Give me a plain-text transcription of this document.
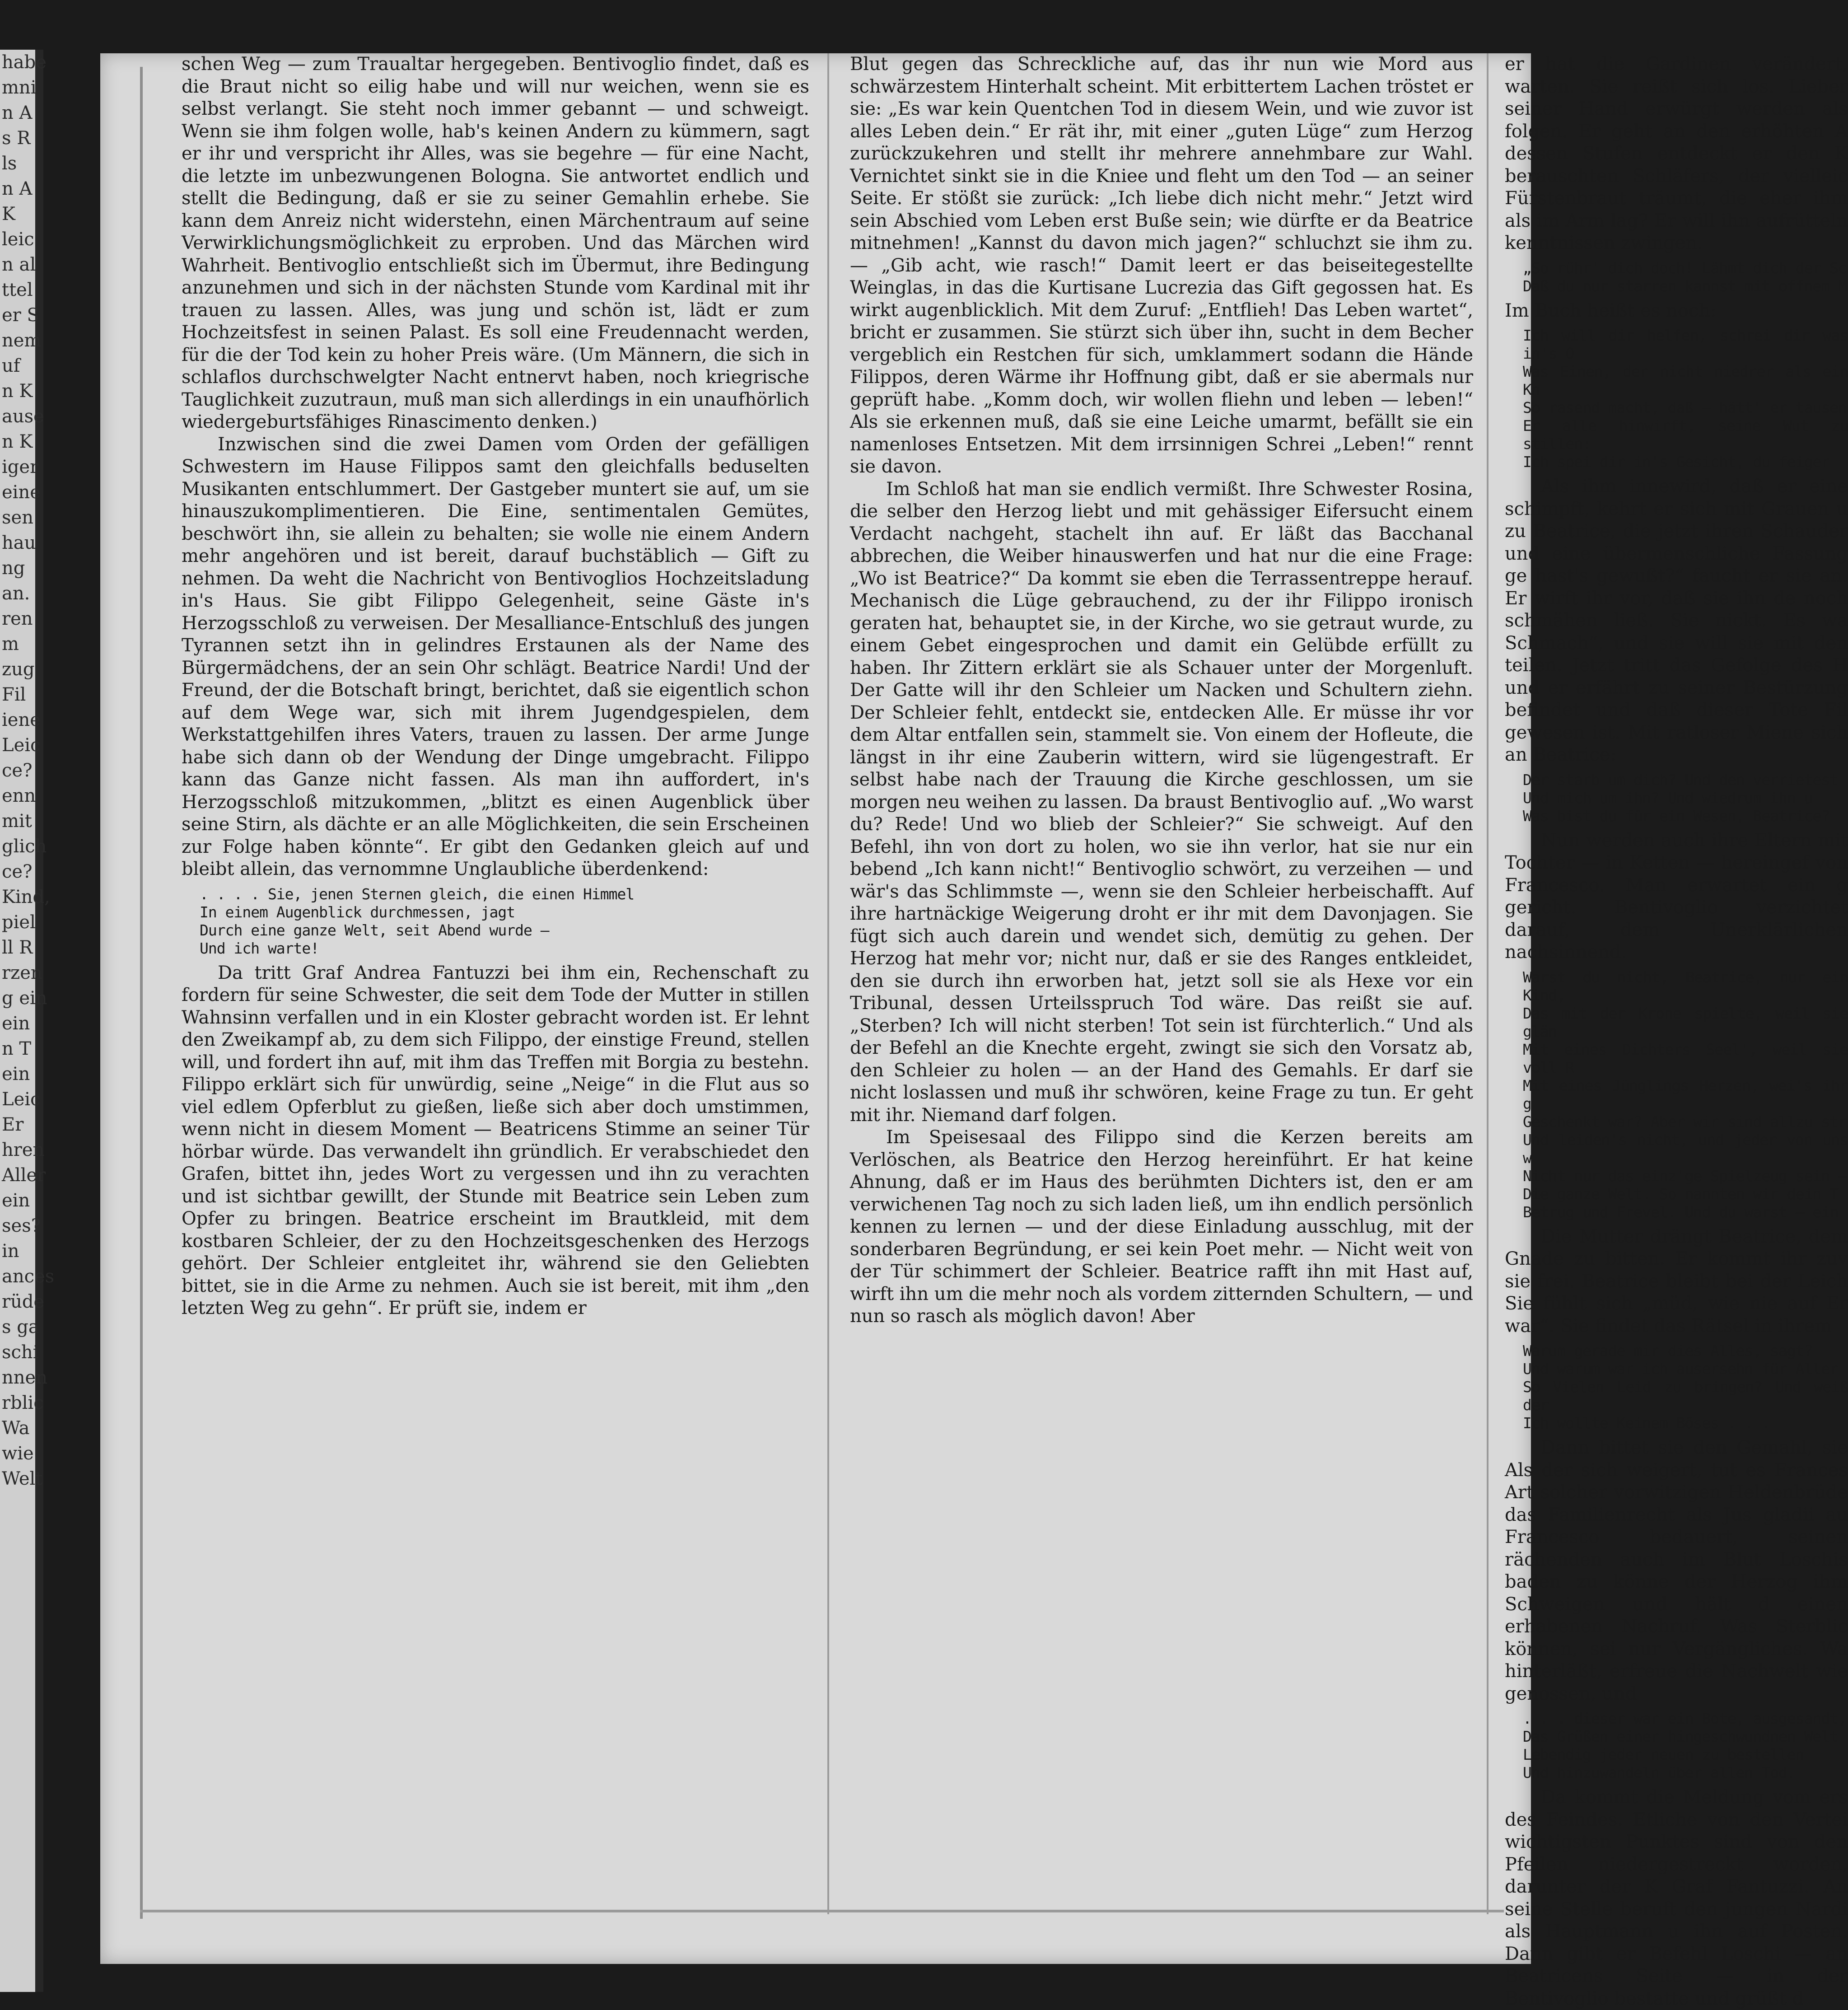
habe
mni
n A
s R
ls
n A
K
leic
n al
ttel
er S
nem
uf
n K
ause
n K
iger
eine
sen
hau
ng
an.
ren
m
zug
Fil
iene
Leic
ce?
enn
mit
glich
ce?
Kind,
piel
ll R
rzen
g ein
ein
n T
ein
Leic
Er
hren
Aller
ein
ses?
in
ances
rüde
s ga
schi
nnen
rblic
Wa
wie
Welt

schen Weg — zum Traualtar hergegeben. Bentivoglio findet, daß es die Braut nicht so eilig habe und will nur weichen, wenn sie es selbst verlangt. Sie steht noch immer gebannt — und schweigt. Wenn sie ihm folgen wolle, hab's keinen Andern zu kümmern, sagt er ihr und verspricht ihr Alles, was sie begehre — für eine Nacht, die letzte im unbezwungenen Bologna. Sie antwortet endlich und stellt die Bedingung, daß er sie zu seiner Gemahlin erhebe. Sie kann dem Anreiz nicht widerstehn, einen Märchentraum auf seine Verwirklichungsmöglichkeit zu erproben. Und das Märchen wird Wahrheit. Bentivoglio entschließt sich im Übermut, ihre Bedingung anzunehmen und sich in der nächsten Stunde vom Kardinal mit ihr trauen zu lassen. Alles, was jung und schön ist, lädt er zum Hochzeitsfest in seinen Palast. Es soll eine Freudennacht werden, für die der Tod kein zu hoher Preis wäre. (Um Männern, die sich in schlaflos durchschwelgter Nacht entnervt haben, noch kriegrische Tauglichkeit zuzutraun, muß man sich allerdings in ein unaufhörlich wiedergeburtsfähiges Rinascimento denken.)

Inzwischen sind die zwei Damen vom Orden der gefälligen Schwestern im Hause Filippos samt den gleichfalls beduselten Musikanten entschlummert. Der Gastgeber muntert sie auf, um sie hinauszukomplimentieren. Die Eine, sentimentalen Gemütes, beschwört ihn, sie allein zu behalten; sie wolle nie einem Andern mehr angehören und ist bereit, darauf buchstäblich — Gift zu nehmen. Da weht die Nachricht von Bentivoglios Hochzeitsladung in's Haus. Sie gibt Filippo Gelegenheit, seine Gäste in's Herzogsschloß zu verweisen. Der Mesalliance-Entschluß des jungen Tyrannen setzt ihn in gelindres Erstaunen als der Name des Bürgermädchens, der an sein Ohr schlägt. Beatrice Nardi! Und der Freund, der die Botschaft bringt, berichtet, daß sie eigentlich schon auf dem Wege war, sich mit ihrem Jugendgespielen, dem Werkstattgehilfen ihres Vaters, trauen zu lassen. Der arme Junge habe sich dann ob der Wendung der Dinge umgebracht. Filippo kann das Ganze nicht fassen. Als man ihn auffordert, in's Herzogsschloß mitzukommen, „blitzt es einen Augenblick über seine Stirn, als dächte er an alle Möglichkeiten, die sein Erscheinen zur Folge haben könnte“. Er gibt den Gedanken gleich auf und bleibt allein, das vernommne Unglaubliche überdenkend:

. . . . Sie, jenen Sternen gleich, die einen Himmel
In einem Augenblick durchmessen, jagt
Durch eine ganze Welt, seit Abend wurde —
Und ich warte!

Da tritt Graf Andrea Fantuzzi bei ihm ein, Rechenschaft zu fordern für seine Schwester, die seit dem Tode der Mutter in stillen Wahnsinn verfallen und in ein Kloster gebracht worden ist. Er lehnt den Zweikampf ab, zu dem sich Filippo, der einstige Freund, stellen will, und fordert ihn auf, mit ihm das Treffen mit Borgia zu bestehn. Filippo erklärt sich für unwürdig, seine „Neige“ in die Flut aus so viel edlem Opferblut zu gießen, ließe sich aber doch umstimmen, wenn nicht in diesem Moment — Beatricens Stimme an seiner Tür hörbar würde. Das verwandelt ihn gründlich. Er verabschiedet den Grafen, bittet ihn, jedes Wort zu vergessen und ihn zu verachten und ist sichtbar gewillt, der Stunde mit Beatrice sein Leben zum Opfer zu bringen. Beatrice erscheint im Brautkleid, mit dem kostbaren Schleier, der zu den Hochzeitsgeschenken des Herzogs gehört. Der Schleier entgleitet ihr, während sie den Geliebten bittet, sie in die Arme zu nehmen. Auch sie ist bereit, mit ihm „den letzten Weg zu gehn“. Er prüft sie, indem er

Blut gegen das Schreckliche auf, das ihr nun wie Mord aus schwärzestem Hinterhalt scheint. Mit erbittertem Lachen tröstet er sie: „Es war kein Quentchen Tod in diesem Wein, und wie zuvor ist alles Leben dein.“ Er rät ihr, mit einer „guten Lüge“ zum Herzog zurückzukehren und stellt ihr mehrere annehmbare zur Wahl. Vernichtet sinkt sie in die Kniee und fleht um den Tod — an seiner Seite. Er stößt sie zurück: „Ich liebe dich nicht mehr.“ Jetzt wird sein Abschied vom Leben erst Buße sein; wie dürfte er da Beatrice mitnehmen! „Kannst du davon mich jagen?“ schluchzt sie ihm zu. — „Gib acht, wie rasch!“ Damit leert er das beiseitegestellte Weinglas, in das die Kurtisane Lucrezia das Gift gegossen hat. Es wirkt augenblicklich. Mit dem Zuruf: „Entflieh! Das Leben wartet“, bricht er zusammen. Sie stürzt sich über ihn, sucht in dem Becher vergeblich ein Restchen für sich, umklammert sodann die Hände Filippos, deren Wärme ihr Hoffnung gibt, daß er sie abermals nur geprüft habe. „Komm doch, wir wollen fliehn und leben — leben!“ Als sie erkennen muß, daß sie eine Leiche umarmt, befällt sie ein namenloses Entsetzen. Mit dem irrsinnigen Schrei „Leben!“ rennt sie davon.

Im Schloß hat man sie endlich vermißt. Ihre Schwester Rosina, die selber den Herzog liebt und mit gehässiger Eifersucht einem Verdacht nachgeht, stachelt ihn auf. Er läßt das Bacchanal abbrechen, die Weiber hinauswerfen und hat nur die eine Frage: „Wo ist Beatrice?“ Da kommt sie eben die Terrassentreppe herauf. Mechanisch die Lüge gebrauchend, zu der ihr Filippo ironisch geraten hat, behauptet sie, in der Kirche, wo sie getraut wurde, zu einem Gebet eingesprochen und damit ein Gelübde erfüllt zu haben. Ihr Zittern erklärt sie als Schauer unter der Morgenluft. Der Gatte will ihr den Schleier um Nacken und Schultern ziehn. Der Schleier fehlt, entdeckt sie, entdecken Alle. Er müsse ihr vor dem Altar entfallen sein, stammelt sie. Von einem der Hofleute, die längst in ihr eine Zauberin wittern, wird sie lügengestraft. Er selbst habe nach der Trauung die Kirche geschlossen, um sie morgen neu weihen zu lassen. Da braust Bentivoglio auf. „Wo warst du? Rede! Und wo blieb der Schleier?“ Sie schweigt. Auf den Befehl, ihn von dort zu holen, wo sie ihn verlor, hat sie nur ein bebend „Ich kann nicht!“ Bentivoglio schwört, zu verzeihen — und wär's das Schlimmste —, wenn sie den Schleier herbeischafft. Auf ihre hartnäckige Weigerung droht er ihr mit dem Davonjagen. Sie fügt sich auch darein und wendet sich, demütig zu gehen. Der Herzog hat mehr vor; nicht nur, daß er sie des Ranges entkleidet, den sie durch ihn erworben hat, jetzt soll sie als Hexe vor ein Tribunal, dessen Urteilsspruch Tod wäre. Das reißt sie auf. „Sterben? Ich will nicht sterben! Tot sein ist fürchterlich.“ Und als der Befehl an die Knechte ergeht, zwingt sie sich den Vorsatz ab, den Schleier zu holen — an der Hand des Gemahls. Er darf sie nicht loslassen und muß ihr schwören, keine Frage zu tun. Er geht mit ihr. Niemand darf folgen.

Im Speisesaal des Filippo sind die Kerzen bereits am Verlöschen, als Beatrice den Herzog hereinführt. Er hat keine Ahnung, daß er im Haus des berühmten Dichters ist, den er am verwichenen Tag noch zu sich laden ließ, um ihn endlich persönlich kennen zu lernen — und der diese Einladung ausschlug, mit der sonderbaren Begründung, er sei kein Poet mehr. — Nicht weit von der Tür schimmert der Schleier. Beatrice rafft ihn mit Hast auf, wirft ihn um die mehr noch als vordem zitternden Schultern, — und nun so rasch als möglich davon! Aber

er hat die Gardinen verändert, warten. Sie reißt sich los. Lieber seiner Hand erwürgt werden als folgen. Er geht an den erhöhten A dessen Stufen entdeckt er den K berauschten Schläfers, der vielleic Fürstenbraut träumt, die eher ihm als im Arm lag? Er will ihn aufrütteln kenntnissen zwingen.

„So rühr' dich doch! Lähmt dich der Sc
Daß du nur starren kannst mit offnem M

Im Buch heißt es noch:

Ich will dir helfen, schrei dir was in's O
Was Einen, der nicht niedrer als ein Kn
So rasend macht, daß — hätt' er tausen
Er alle hinwirft, seine Wut zu stillen:
Ich spei dir in's Gesicht, du feiger

Als ihm innewird, daß er eine schimpft, kehrt er sich mit Grauen u zu Beatrice, die jetzt ihren Schauder und eine übermenschliche Fassung ge hast's gewußt?“ faucht er sie an. Er wirft ihr vor, daß sie ihn de noch schmähen ließ. Sie nickt. Es wa Schmach“, und sie will sie mit den teilen. Jetzt tritt das Gefolge des H und er erfährt zu seiner Bestürzung befindet und daß dieser Tote Fil gewesen ist. Mit ratloser Miene sich an Beatrice:

Der starb um dich? Und den verrietest
Und mich um ihn? Und wiedrum ihn u
Was bist du für ein Wesen, Beatrice?

Nun werden auch ihre Eltern mit Tochter — in Ketten — hereingef von Francesco. Man erwartet ein g gericht. Bentivoglio verzichtet darauf, dem Unerklärlichen nachsinnend.

Warst du nicht, Beatrice, nur ein Kind,
Das mit der Krone spielte, weil sie glän
Mit eines Dichters Seel', weil sie voll R
Mit eines Jünglings Herzen, wei's ihr g
Geschenkt war? Aber wir sind allzu str
Und leiden's nicht, und jeder von uns w
Nicht nur das einz'ge Spielzeug sein —
Die ganze Welt. So nannten wir dein T
Betrug und Frevel. Und du warst — ein

Die Mutter drängt Beatrice, dem Gnade zu bitten. Er kommt ihr zuv sie frei. Beatrice bleibt bei der Leich Sie fühlt sich „müd, wie nie auf Er war“. Sie findet das Rätsel in ihrem

Warum gerade mir dies Alles, sagt?
Und warum war ich ausersehn für Aller
So Vielen Leid zu bringen? Und weiß der
Ich wollte Keinem Böses . . .

Dann bittet sie den Gemahl, sie Als der sich weigert, tut es Frances Art solcher vorwitzigen Heldenbrüde das Familienrecht als Jus gladii au Francesco bedauert, seinen rächenden auch im Blut Loschis baden zu könne der Herzog ihm Schweigen und hält d einen erhabenen Nachruf. Was Sterblic können, sei nur Vergängliches. Wa hinterläßt, erfreue die Nachwelt wie genossen, und

. . . dieser war ein Bote, ausgesandt,
Das Grüßen einer hingeschwundnen Welt
Lebendig jeder neuen zu bestellen
Und hinzuwandeln über allen Tod.

Da kommt die Meldung vom ers des Feindes. Etliche von den Vertei wichtigsten Punktes sind von den Pfeilen niedergestreckt worden, darunter der K Graf Fantuzzi. An seine Stelle beruft den jungen Nardi als Hauptmann u ihn auf Posten. Dann gibt er Befehl Loschi — an Beatricens Seite — in der Bentivoglio bestatte und grüßt d
